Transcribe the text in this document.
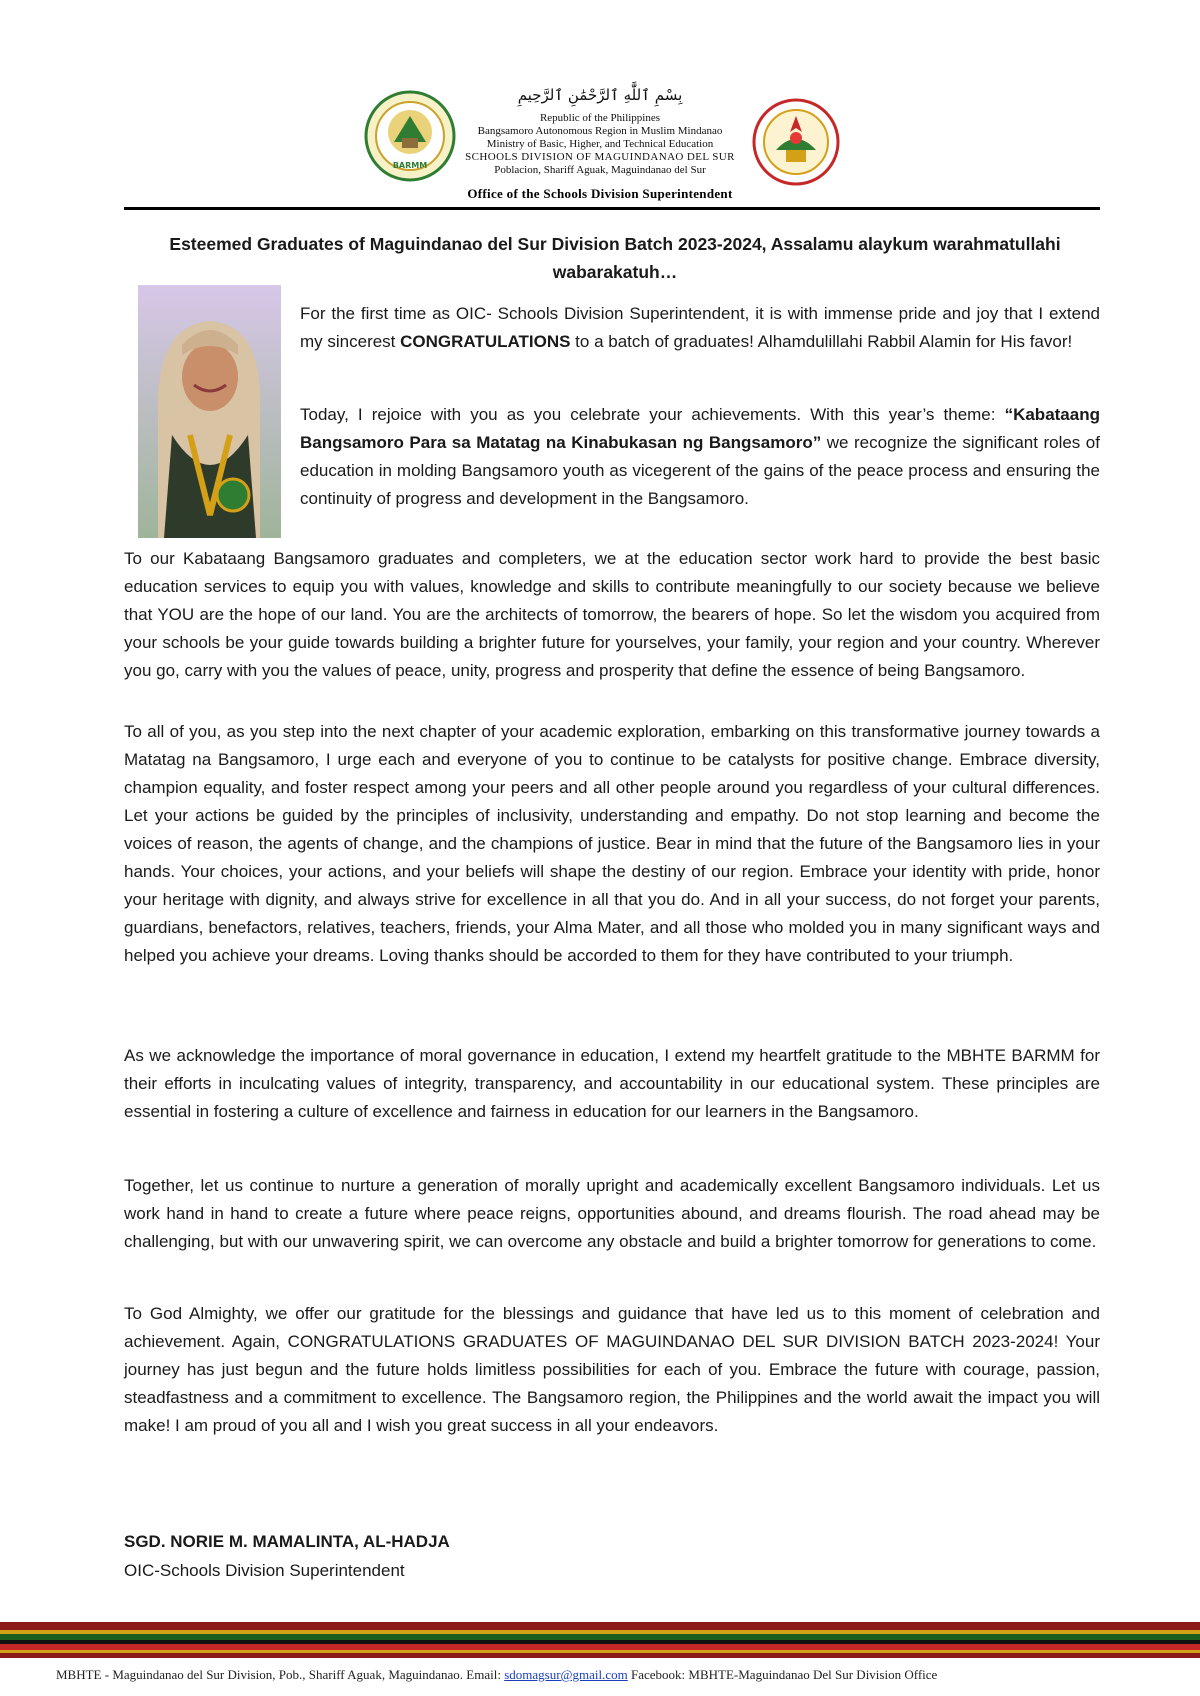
بِسْمِ ٱللَّٰهِ ٱلرَّحْمَٰنِ ٱلرَّحِيمِ
BARMM
Republic of the Philippines
Bangsamoro Autonomous Region in Muslim Mindanao
Ministry of Basic, Higher, and Technical Education
SCHOOLS DIVISION OF MAGUINDANAO DEL SUR
Poblacion, Shariff Aguak, Maguindanao del Sur
Office of the Schools Division Superintendent
Esteemed Graduates of Maguindanao del Sur Division Batch 2023-2024, Assalamu alaykum warahmatullahi wabarakatuh…

For the first time as OIC- Schools Division Superintendent, it is with immense pride and joy that I extend my sincerest CONGRATULATIONS to a batch of graduates! Alhamdulillahi Rabbil Alamin for His favor!

Today, I rejoice with you as you celebrate your achievements. With this year’s theme: “Kabataang Bangsamoro Para sa Matatag na Kinabukasan ng Bangsamoro” we recognize the significant roles of education in molding Bangsamoro youth as vicegerent of the gains of the peace process and ensuring the continuity of progress and development in the Bangsamoro.

To our Kabataang Bangsamoro graduates and completers, we at the education sector work hard to provide the best basic education services to equip you with values, knowledge and skills to contribute meaningfully to our society because we believe that YOU are the hope of our land. You are the architects of tomorrow, the bearers of hope. So let the wisdom you acquired from your schools be your guide towards building a brighter future for yourselves, your family, your region and your country. Wherever you go, carry with you the values of peace, unity, progress and prosperity that define the essence of being Bangsamoro.

To all of you, as you step into the next chapter of your academic exploration, embarking on this transformative journey towards a Matatag na Bangsamoro, I urge each and everyone of you to continue to be catalysts for positive change. Embrace diversity, champion equality, and foster respect among your peers and all other people around you regardless of your cultural differences. Let your actions be guided by the principles of inclusivity, understanding and empathy. Do not stop learning and become the voices of reason, the agents of change, and the champions of justice. Bear in mind that the future of the Bangsamoro lies in your hands. Your choices, your actions, and your beliefs will shape the destiny of our region. Embrace your identity with pride, honor your heritage with dignity, and always strive for excellence in all that you do. And in all your success, do not forget your parents, guardians, benefactors, relatives, teachers, friends, your Alma Mater, and all those who molded you in many significant ways and helped you achieve your dreams. Loving thanks should be accorded to them for they have contributed to your triumph.

As we acknowledge the importance of moral governance in education, I extend my heartfelt gratitude to the MBHTE BARMM for their efforts in inculcating values of integrity, transparency, and accountability in our educational system. These principles are essential in fostering a culture of excellence and fairness in education for our learners in the Bangsamoro.

Together, let us continue to nurture a generation of morally upright and academically excellent Bangsamoro individuals. Let us work hand in hand to create a future where peace reigns, opportunities abound, and dreams flourish. The road ahead may be challenging, but with our unwavering spirit, we can overcome any obstacle and build a brighter tomorrow for generations to come.

To God Almighty, we offer our gratitude for the blessings and guidance that have led us to this moment of celebration and achievement. Again, CONGRATULATIONS GRADUATES OF MAGUINDANAO DEL SUR DIVISION BATCH 2023-2024! Your journey has just begun and the future holds limitless possibilities for each of you. Embrace the future with courage, passion, steadfastness and a commitment to excellence. The Bangsamoro region, the Philippines and the world await the impact you will make! I am proud of you all and I wish you great success in all your endeavors.

SGD. NORIE M. MAMALINTA, AL-HADJA
OIC-Schools Division Superintendent
MBHTE - Maguindanao del Sur Division, Pob., Shariff Aguak, Maguindanao. Email: sdomagsur@gmail.com Facebook: MBHTE-Maguindanao Del Sur Division Office
